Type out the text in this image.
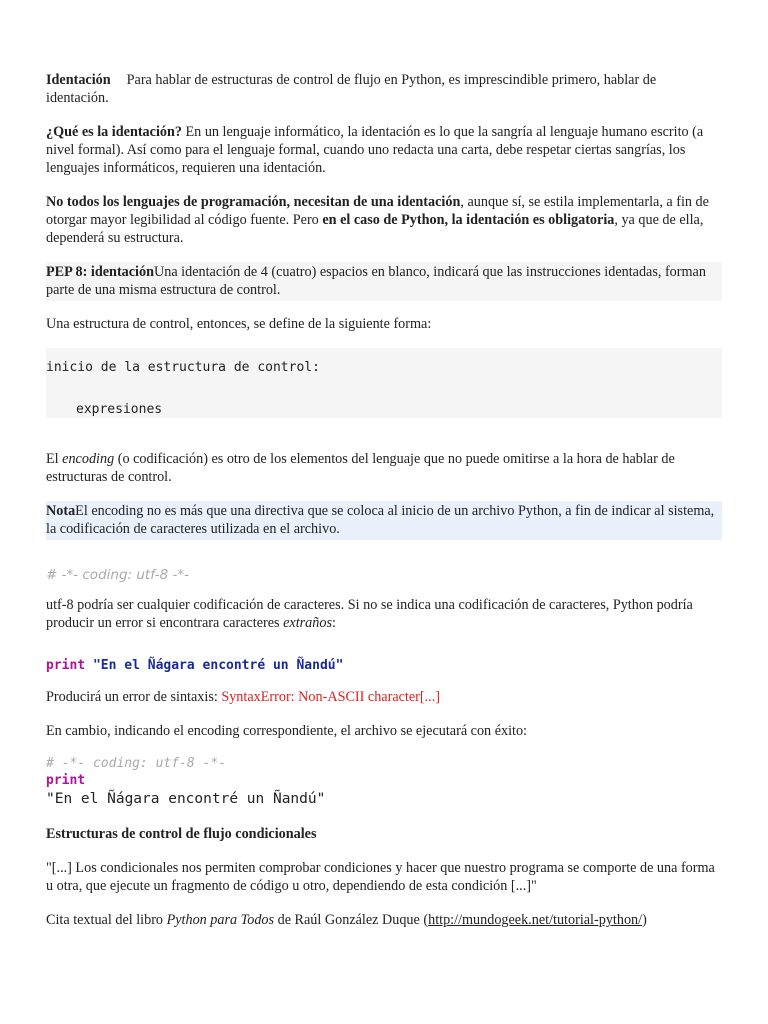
Identación Para hablar de estructuras de control de flujo en Python, es imprescindible primero, hablar de identación.

¿Qué es la identación? En un lenguaje informático, la identación es lo que la sangría al lenguaje humano escrito (a nivel formal). Así como para el lenguaje formal, cuando uno redacta una carta, debe respetar ciertas sangrías, los lenguajes informáticos, requieren una identación.

No todos los lenguajes de programación, necesitan de una identación, aunque sí, se estila implementarla, a fin de otorgar mayor legibilidad al código fuente. Pero en el caso de Python, la identación es obligatoria, ya que de ella, dependerá su estructura.

PEP 8: identaciónUna identación de 4 (cuatro) espacios en blanco, indicará que las instrucciones identadas, forman parte de una misma estructura de control.

Una estructura de control, entonces, se define de la siguiente forma:

inicio de la estructura de control:
expresiones

El encoding (o codificación) es otro de los elementos del lenguaje que no puede omitirse a la hora de hablar de estructuras de control.

NotaEl encoding no es más que una directiva que se coloca al inicio de un archivo Python, a fin de indicar al sistema, la codificación de caracteres utilizada en el archivo.

# -*- coding: utf-8 -*-

utf-8 podría ser cualquier codificación de caracteres. Si no se indica una codificación de caracteres, Python podría producir un error si encontrara caracteres extraños:

print "En el Ñágara encontré un Ñandú"

Producirá un error de sintaxis: SyntaxError: Non-ASCII character[...]

En cambio, indicando el encoding correspondiente, el archivo se ejecutará con éxito:

# -*- coding: utf-8 -*-
print
"En el Ñágara encontré un Ñandú"

Estructuras de control de flujo condicionales

"[...] Los condicionales nos permiten comprobar condiciones y hacer que nuestro programa se comporte de una forma u otra, que ejecute un fragmento de código u otro, dependiendo de esta condición [...]"

Cita textual del libro Python para Todos de Raúl González Duque (http://mundogeek.net/tutorial-python/)
